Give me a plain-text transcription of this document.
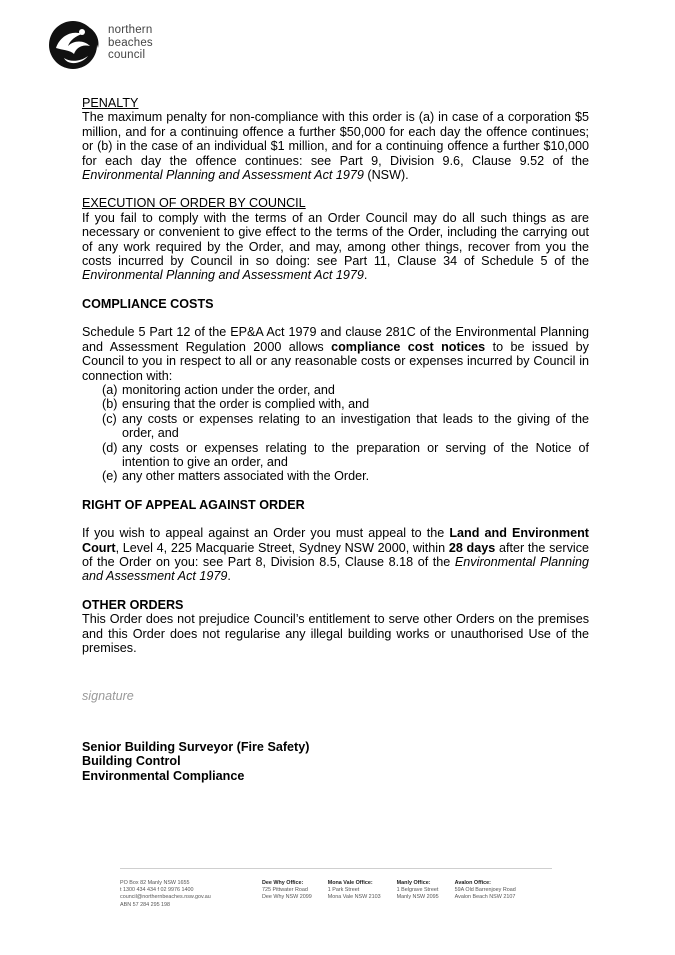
northern
beaches
council
PENALTY

The maximum penalty for non-compliance with this order is (a) in case of a corporation $5 million, and for a continuing offence a further $50,000 for each day the offence continues; or (b) in the case of an individual $1 million, and for a continuing offence a further $10,000 for each day the offence continues: see Part 9, Division 9.6, Clause 9.52 of the Environmental Planning and Assessment Act 1979 (NSW).

EXECUTION OF ORDER BY COUNCIL

If you fail to comply with the terms of an Order Council may do all such things as are necessary or convenient to give effect to the terms of the Order, including the carrying out of any work required by the Order, and may, among other things, recover from you the costs incurred by Council in so doing: see Part 11, Clause 34 of Schedule 5 of the Environmental Planning and Assessment Act 1979.

COMPLIANCE COSTS

Schedule 5 Part 12 of the EP&A Act 1979 and clause 281C of the Environmental Planning and Assessment Regulation 2000 allows compliance cost notices to be issued by Council to you in respect to all or any reasonable costs or expenses incurred by Council in connection with:

(a) monitoring action under the order, and
(b) ensuring that the order is complied with, and
(c) any costs or expenses relating to an investigation that leads to the giving of the order, and
(d) any costs or expenses relating to the preparation or serving of the Notice of intention to give an order, and
(e) any other matters associated with the Order.
RIGHT OF APPEAL AGAINST ORDER

If you wish to appeal against an Order you must appeal to the Land and Environment Court, Level 4, 225 Macquarie Street, Sydney NSW 2000, within 28 days after the service of the Order on you: see Part 8, Division 8.5, Clause 8.18 of the Environmental Planning and Assessment Act 1979.

OTHER ORDERS

This Order does not prejudice Council’s entitlement to serve other Orders on the premises and this Order does not regularise any illegal building works or unauthorised Use of the premises.

signature
Senior Building Surveyor (Fire Safety)
Building Control
Environmental Compliance
PO Box 82 Manly NSW 1655
t 1300 434 434 f 02 9976 1400
council@northernbeaches.nsw.gov.au
ABN 57 284 295 198
Dee Why Office:
725 Pittwater Road
Dee Why NSW 2099
Mona Vale Office:
1 Park Street
Mona Vale NSW 2103
Manly Office:
1 Belgrave Street
Manly NSW 2095
Avalon Office:
59A Old Barrenjoey Road
Avalon Beach NSW 2107
